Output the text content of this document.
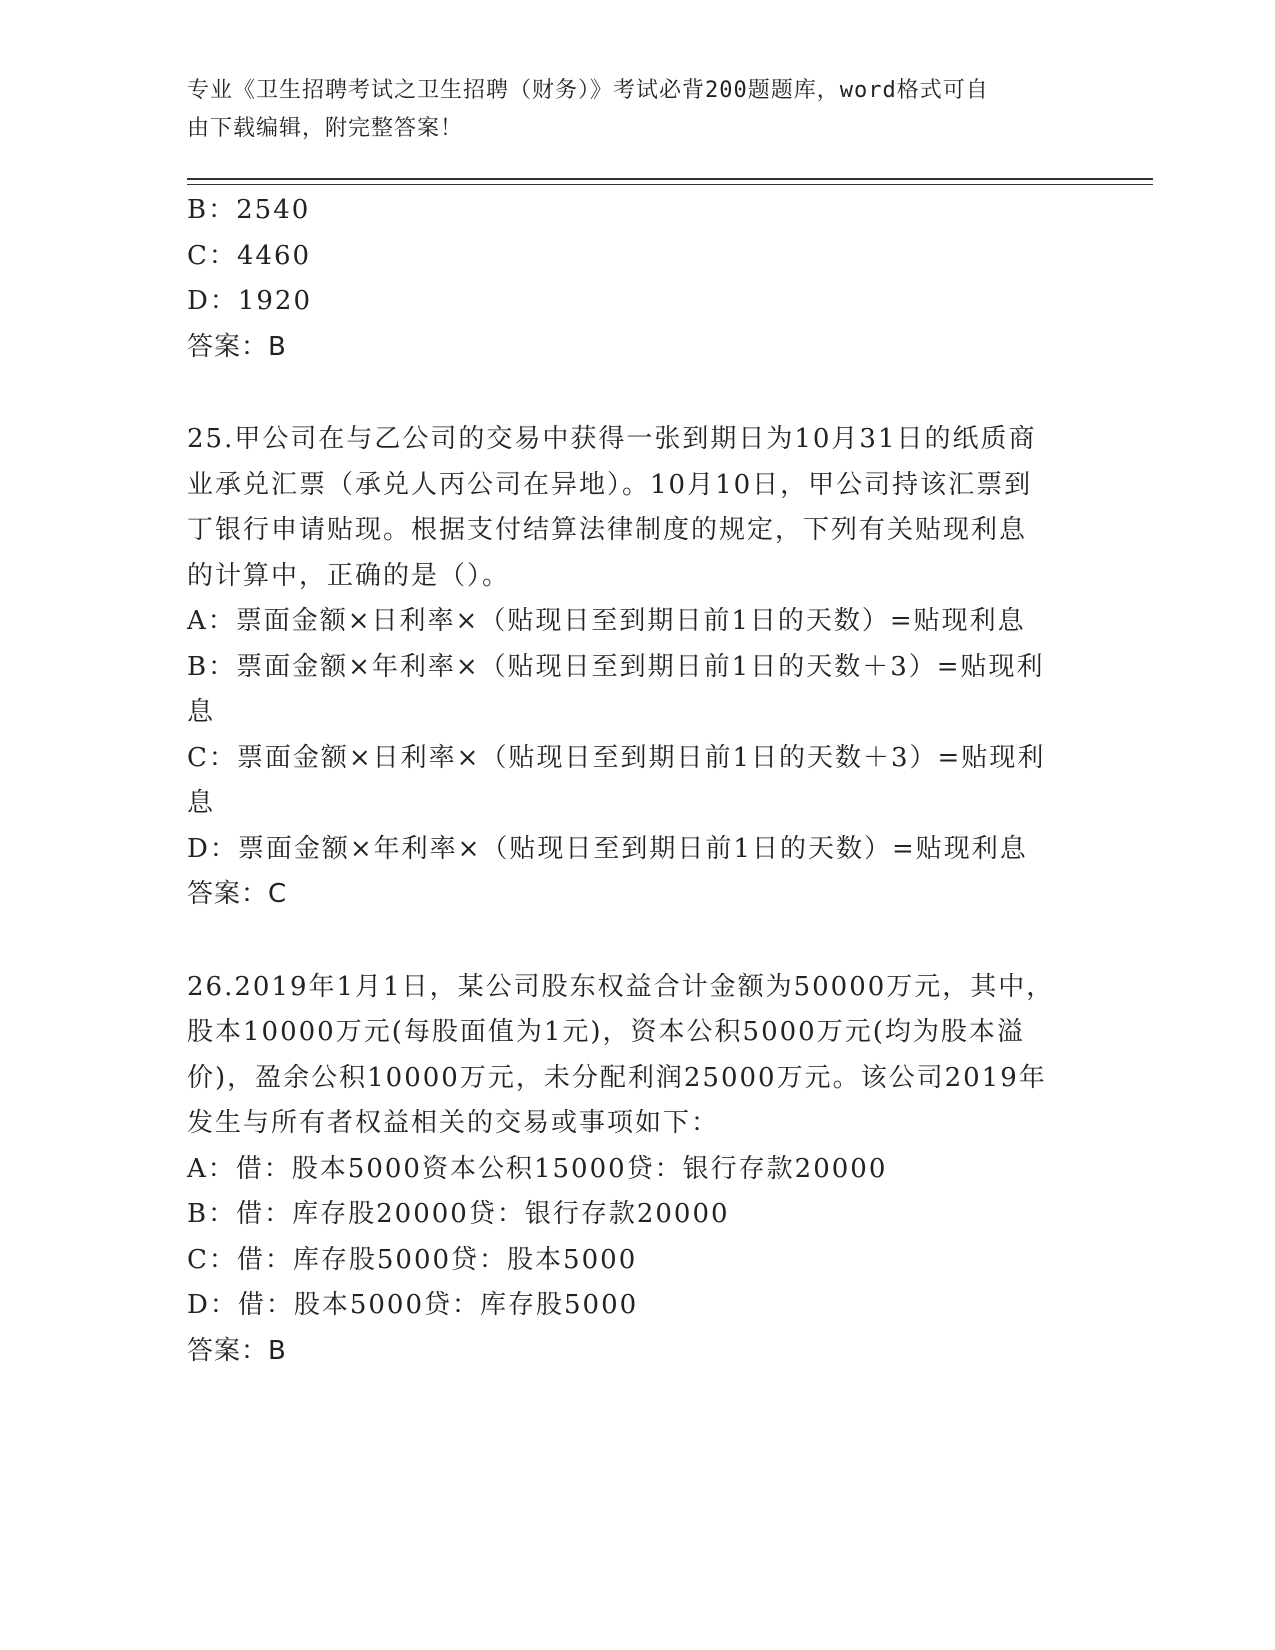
专业《卫生招聘考试之卫生招聘（财务）》考试必背200题题库，word格式可自
由下载编辑，附完整答案！
B：2540
C：4460
D：1920
答案：B
25.甲公司在与乙公司的交易中获得一张到期日为10月31日的纸质商
业承兑汇票（承兑人丙公司在异地）。10月10日，甲公司持该汇票到
丁银行申请贴现。根据支付结算法律制度的规定，下列有关贴现利息
的计算中，正确的是（）。
A：票面金额×日利率×（贴现日至到期日前1日的天数）=贴现利息
B：票面金额×年利率×（贴现日至到期日前1日的天数＋3）=贴现利
息
C：票面金额×日利率×（贴现日至到期日前1日的天数＋3）=贴现利
息
D：票面金额×年利率×（贴现日至到期日前1日的天数）=贴现利息
答案：C
26.2019年1月1日，某公司股东权益合计金额为50000万元，其中，
股本10000万元(每股面值为1元)，资本公积5000万元(均为股本溢
价)，盈余公积10000万元，未分配利润25000万元。该公司2019年
发生与所有者权益相关的交易或事项如下：
A：借：股本5000资本公积15000贷：银行存款20000
B：借：库存股20000贷：银行存款20000
C：借：库存股5000贷：股本5000
D：借：股本5000贷：库存股5000
答案：B
